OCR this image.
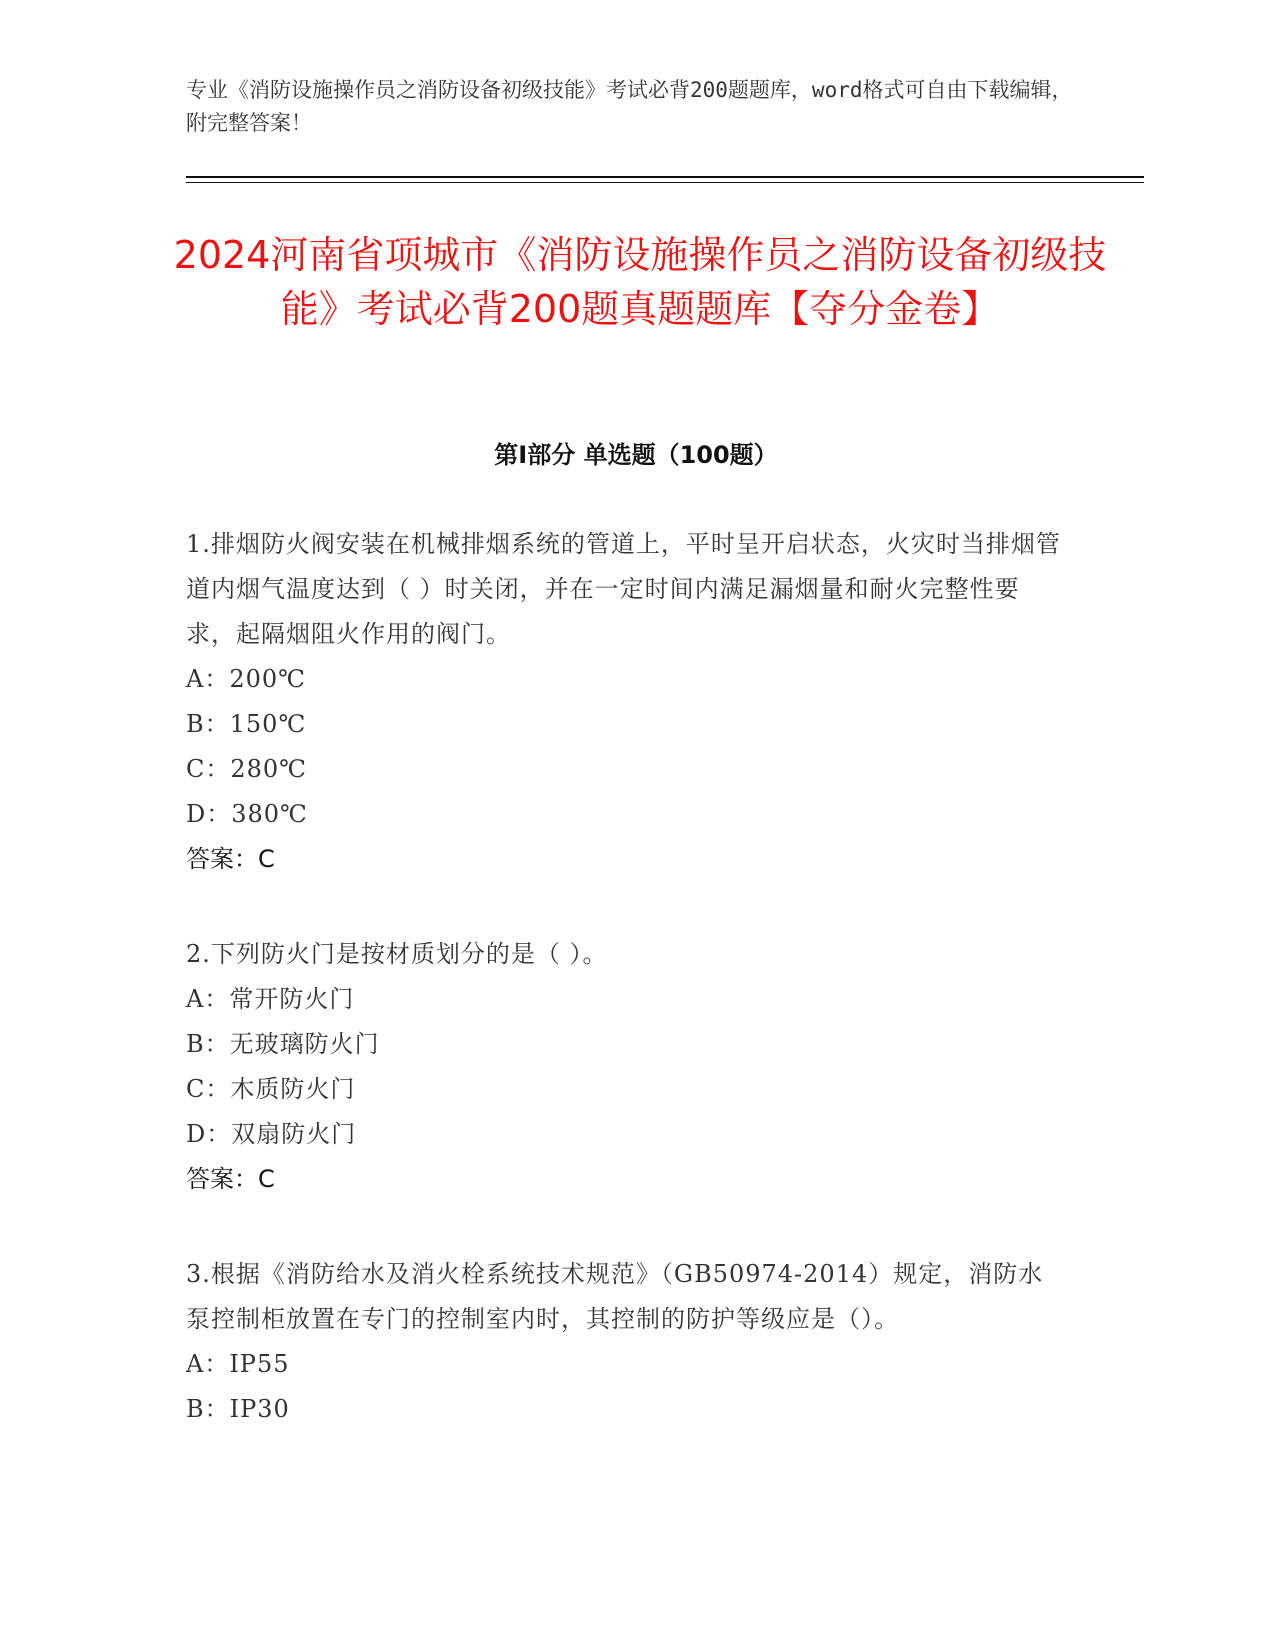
专业《消防设施操作员之消防设备初级技能》考试必背200题题库，word格式可自由下载编辑，附完整答案！
2024河南省项城市《消防设施操作员之消防设备初级技能》考试必背200题真题题库【夺分金卷】
第I部分 单选题（100题）
1.排烟防火阀安装在机械排烟系统的管道上，平时呈开启状态，火灾时当排烟管道内烟气温度达到（ ）时关闭，并在一定时间内满足漏烟量和耐火完整性要求，起隔烟阻火作用的阀门。
A：200℃
B：150℃
C：280℃
D：380℃
答案：C
2.下列防火门是按材质划分的是（ ）。
A：常开防火门
B：无玻璃防火门
C：木质防火门
D：双扇防火门
答案：C
3.根据《消防给水及消火栓系统技术规范》（GB50974-2014）规定，消防水泵控制柜放置在专门的控制室内时，其控制的防护等级应是（）。
A：IP55
B：IP30
